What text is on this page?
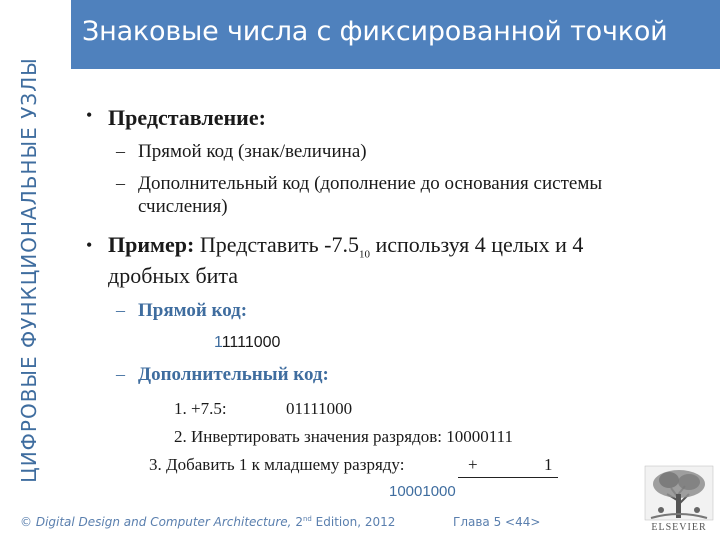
ЦИФРОВЫЕ ФУНКЦИОНАЛЬНЫЕ УЗЛЫ
Знаковые числа с фиксированной точкой
• Представление:
– Прямой код (знак/величина)
– Дополнительный код (дополнение до основания системы
счисления)
• Пример: Представить $-7.5_{10}$ используя 4 целых и 4
дробных бита
– Прямой код:
11111000
– Дополнительный код:
1. +7.5:	01111000
2. Инвертировать значения разрядов: 10000111
3. Добавить 1 к младшему разряду:	+	1
10001000
© Digital Design and Computer Architecture, 2nd Edition, 2012	Глава 5 <44>	ELSEVIER
